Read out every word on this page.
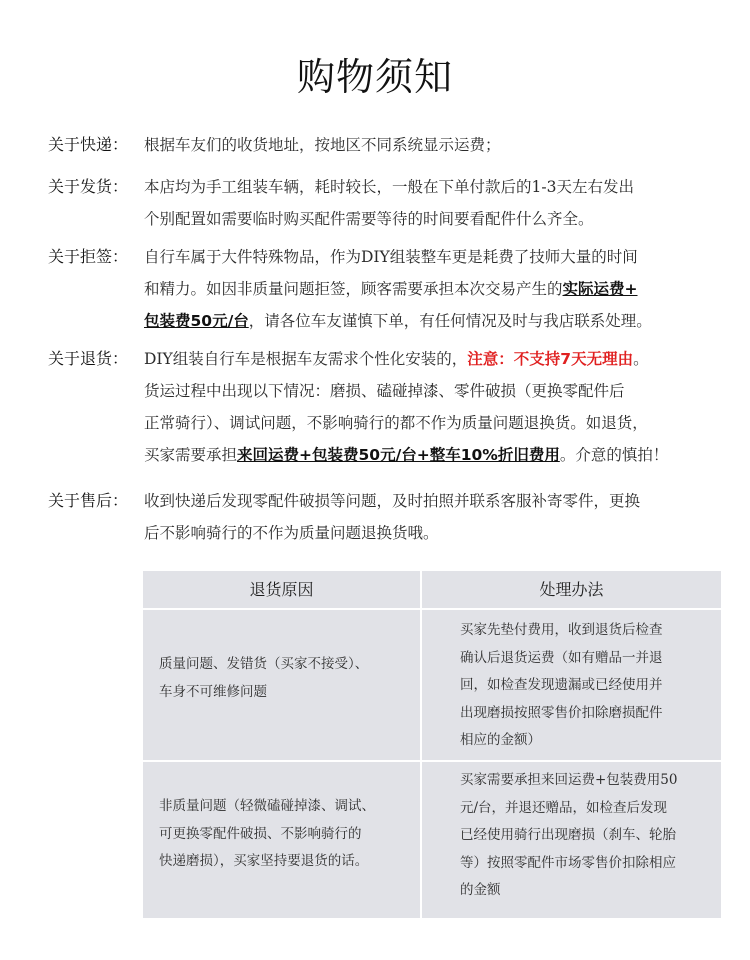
购物须知
关于快递： 根据车友们的收货地址，按地区不同系统显示运费；
关于发货： 本店均为手工组装车辆，耗时较长，一般在下单付款后的1-3天左右发出
个别配置如需要临时购买配件需要等待的时间要看配件什么齐全。
关于拒签： 自行车属于大件特殊物品，作为DIY组装整车更是耗费了技师大量的时间
和精力。如因非质量问题拒签，顾客需要承担本次交易产生的实际运费+
包装费50元/台，请各位车友谨慎下单，有任何情况及时与我店联系处理。
关于退货： DIY组装自行车是根据车友需求个性化安装的，注意：不支持7天无理由。
货运过程中出现以下情况：磨损、磕碰掉漆、零件破损（更换零配件后
正常骑行）、调试问题，不影响骑行的都不作为质量问题退换货。如退货，
买家需要承担来回运费+包装费50元/台+整车10%折旧费用。介意的慎拍！
关于售后： 收到快递后发现零配件破损等问题，及时拍照并联系客服补寄零件，更换
后不影响骑行的不作为质量问题退换货哦。
退货原因	处理办法
质量问题、发错货（买家不接受）、
车身不可维修问题
买家先垫付费用，收到退货后检查
确认后退货运费（如有赠品一并退
回，如检查发现遗漏或已经使用并
出现磨损按照零售价扣除磨损配件
相应的金额）
非质量问题（轻微磕碰掉漆、调试、
可更换零配件破损、不影响骑行的
快递磨损），买家坚持要退货的话。
买家需要承担来回运费+包装费用50
元/台，并退还赠品，如检查后发现
已经使用骑行出现磨损（刹车、轮胎
等）按照零配件市场零售价扣除相应
的金额
